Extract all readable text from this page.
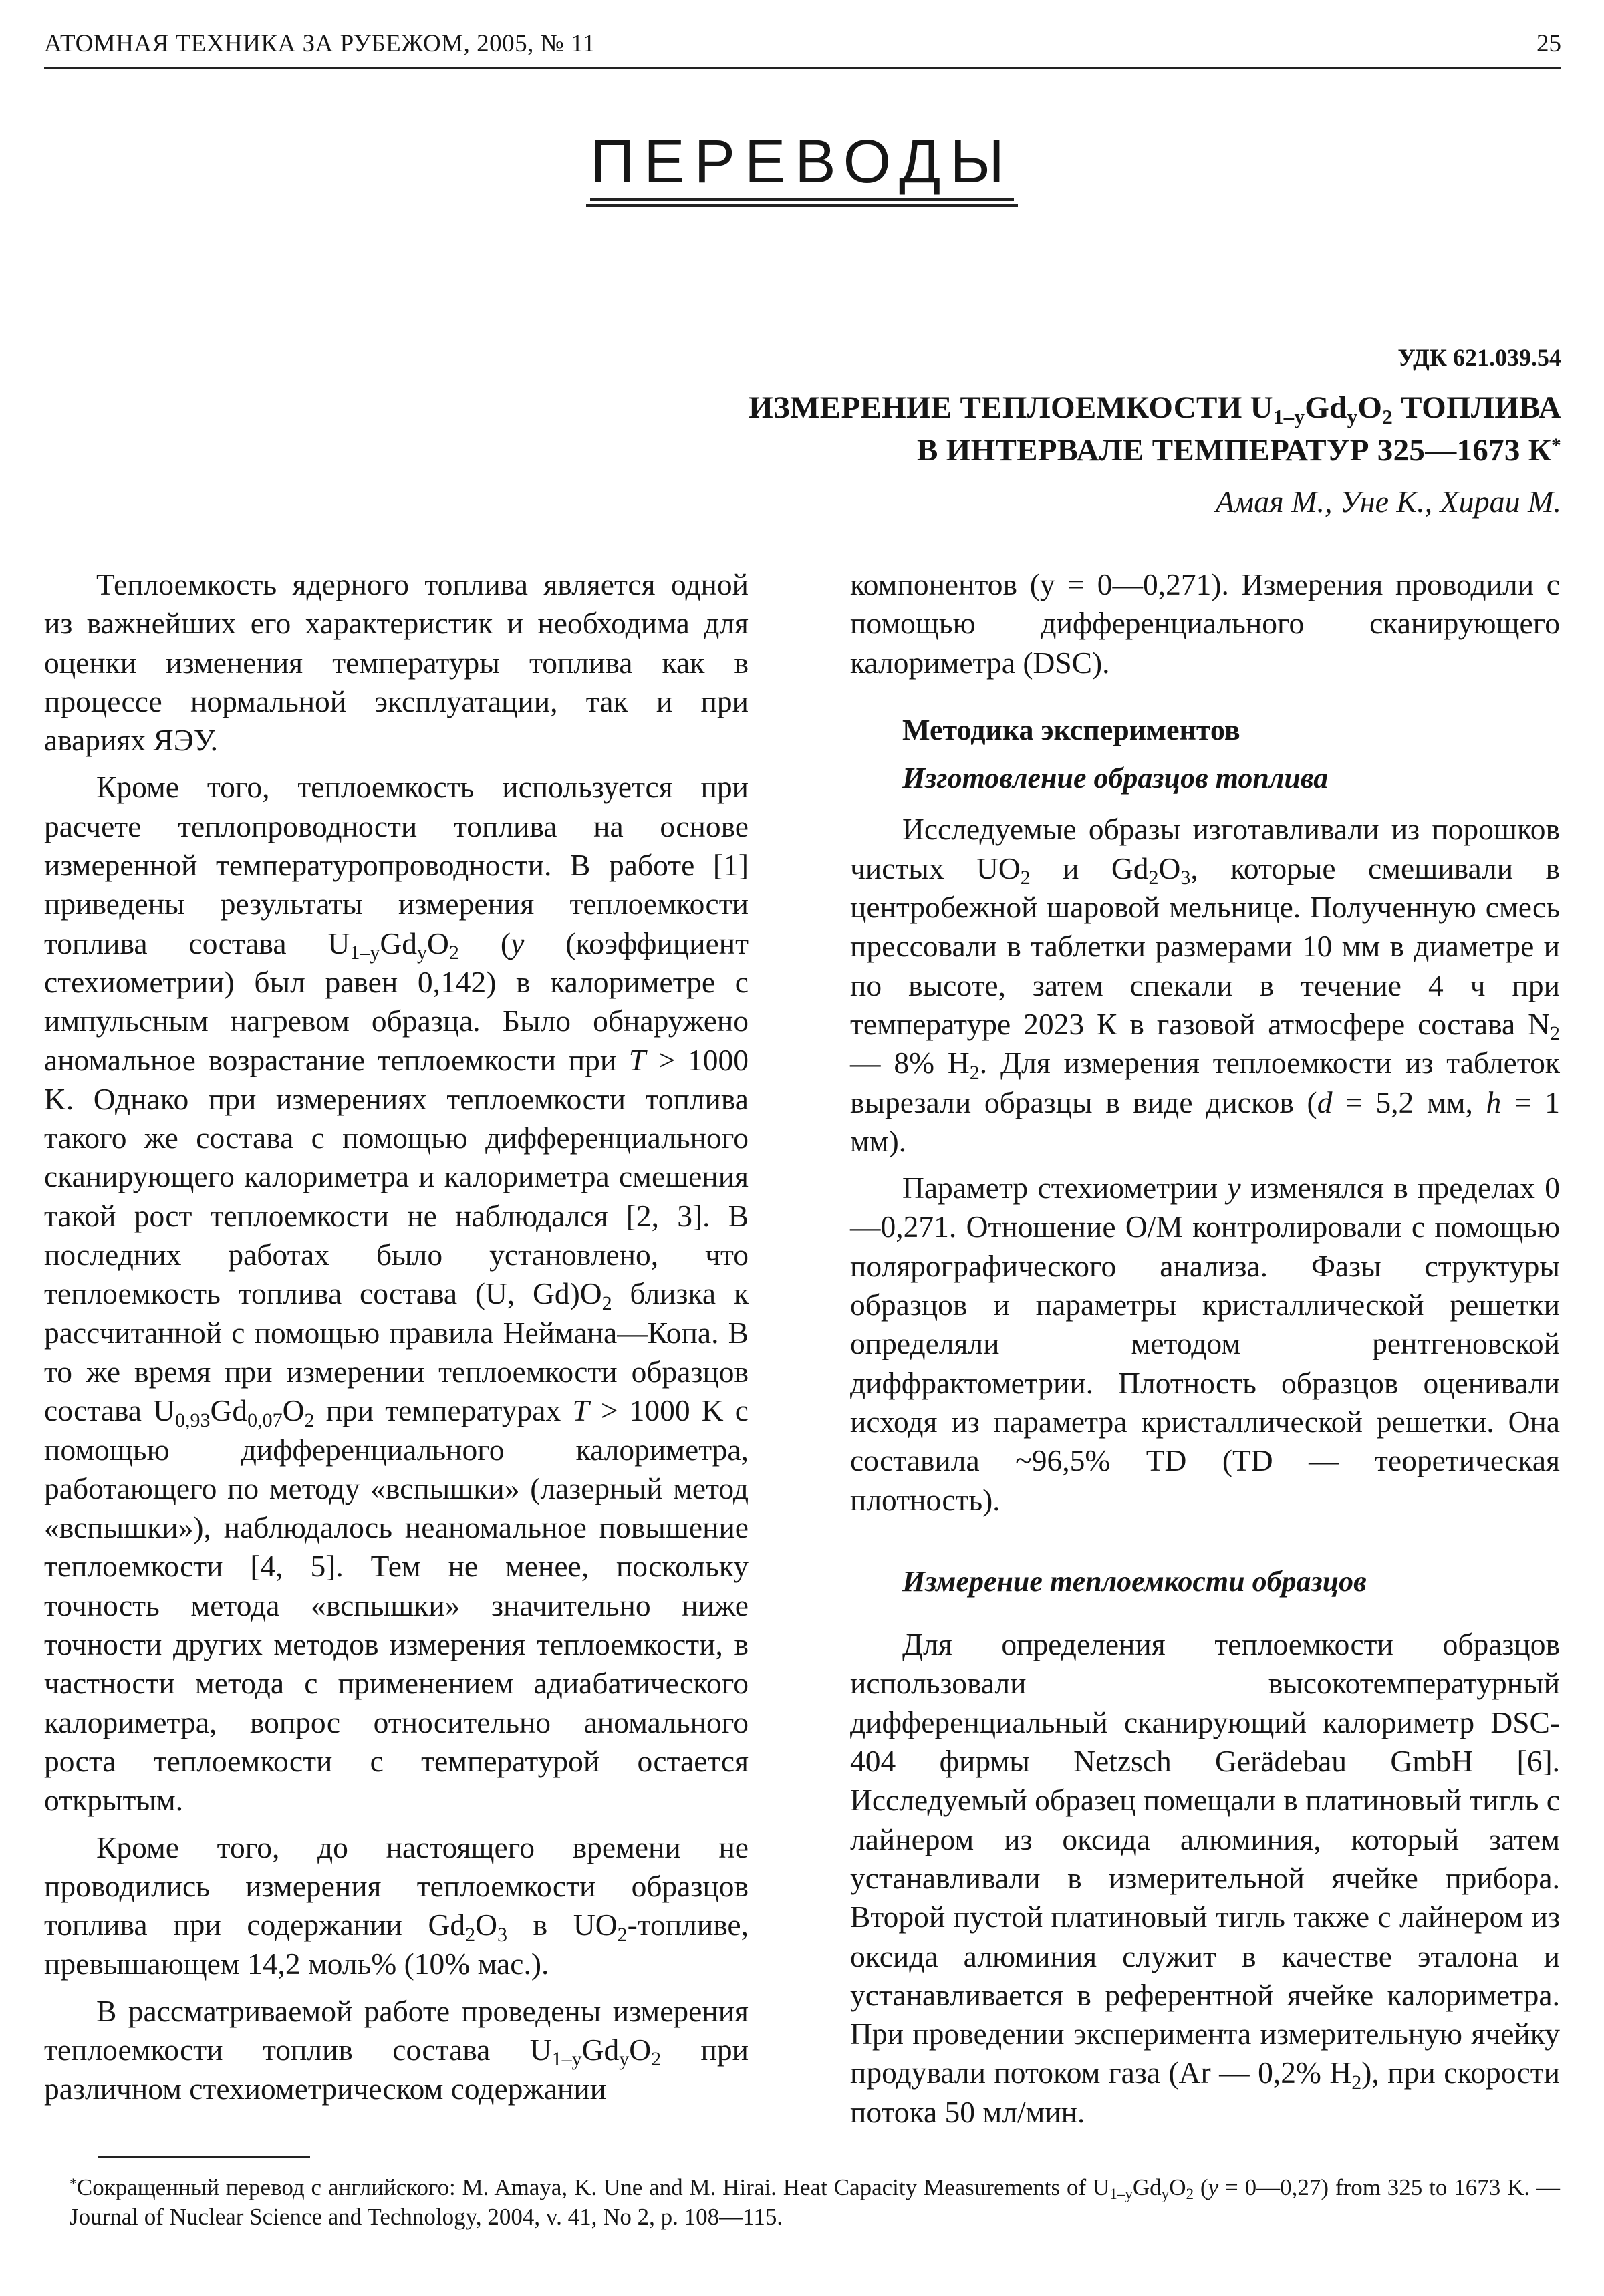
АТОМНАЯ ТЕХНИКА ЗА РУБЕЖОМ, 2005, № 11	25
ПЕРЕВОДЫ
УДК 621.039.54
ИЗМЕРЕНИЕ ТЕПЛОЕМКОСТИ $U_{1-y}Gd_yO_2$ ТОПЛИВА
В ИНТЕРВАЛЕ ТЕМПЕРАТУР 325—1673 К*
Амая М., Уне К., Хираи М.

Теплоемкость ядерного топлива является одной из важнейших его характеристик и необходима для оценки изменения температуры топлива как в процессе нормальной эксплуатации, так и при авариях ЯЭУ.

Кроме того, теплоемкость используется при расчете теплопроводности топлива на основе измеренной температуропроводности. В работе [1] приведены результаты измерения теплоемкости топлива состава $U_{1-y}Gd_yO_2$ (y (коэффициент стехиометрии) был равен 0,142) в калориметре с импульсным нагревом образца. Было обнаружено аномальное возрастание теплоемкости при T > 1000 K. Однако при измерениях теплоемкости топлива такого же состава с помощью дифференциального сканирующего калориметра и калориметра смешения такой рост теплоемкости не наблюдался [2, 3]. В последних работах было установлено, что теплоемкость топлива состава (U, $Gd)O_2$ близка к рассчитанной с помощью правила Неймана—Копа. В то же время при измерении теплоемкости образцов состава $U_{0,93}Gd_{0,07}O_2$ при температурах T > 1000 K с помощью дифференциального калориметра, работающего по методу «вспышки» (лазерный метод «вспышки»), наблюдалось неаномальное повышение теплоемкости [4, 5]. Тем не менее, поскольку точность метода «вспышки» значительно ниже точности других методов измерения теплоемкости, в частности метода с применением адиабатического калориметра, вопрос относительно аномального роста теплоемкости с температурой остается открытым.

Кроме того, до настоящего времени не проводились измерения теплоемкости образцов топлива при содержании $Gd_2O_3$ в $UO_2$-топливе, превышающем 14,2 моль% (10% мас.).

В рассматриваемой работе проведены измерения теплоемкости топлив состава $U_{1-y}Gd_yO_2$ при различном стехиометрическом содержании

компонентов (y = 0—0,271). Измерения проводили с помощью дифференциального сканирующего калориметра (DSC).

Методика экспериментов
Изготовление образцов топлива

Исследуемые образы изготавливали из порошков чистых $UO_2$ и $Gd_2O_3$, которые смешивали в центробежной шаровой мельнице. Полученную смесь прессовали в таблетки размерами 10 мм в диаметре и по высоте, затем спекали в течение 4 ч при температуре 2023 К в газовой атмосфере состава $N_2$ — 8% $H_2$. Для измерения теплоемкости из таблеток вырезали образцы в виде дисков (d = 5,2 мм, h = 1 мм).

Параметр стехиометрии y изменялся в пределах 0—0,271. Отношение O/M контролировали с помощью полярографического анализа. Фазы структуры образцов и параметры кристаллической решетки определяли методом рентгеновской диффрактометрии. Плотность образцов оценивали исходя из параметра кристаллической решетки. Она составила ~96,5% TD (TD — теоретическая плотность).

Измерение теплоемкости образцов

Для определения теплоемкости образцов использовали высокотемпературный дифференциальный сканирующий калориметр DSC-404 фирмы Netzsch Gerädebau GmbH [6]. Исследуемый образец помещали в платиновый тигль с лайнером из оксида алюминия, который затем устанавливали в измерительной ячейке прибора. Второй пустой платиновый тигль также с лайнером из оксида алюминия служит в качестве эталона и устанавливается в референтной ячейке калориметра. При проведении эксперимента измерительную ячейку продували потоком газа (Ar — 0,2% $H_2$), при скорости потока 50 мл/мин.

*Сокращенный перевод с английского: M. Amaya, K. Une and M. Hirai. Heat Capacity Measurements of $U_{1-y}Gd_yO_2$ (y = 0—0,27) from 325 to 1673 K. — Journal of Nuclear Science and Technology, 2004, v. 41, No 2, p. 108—115.
